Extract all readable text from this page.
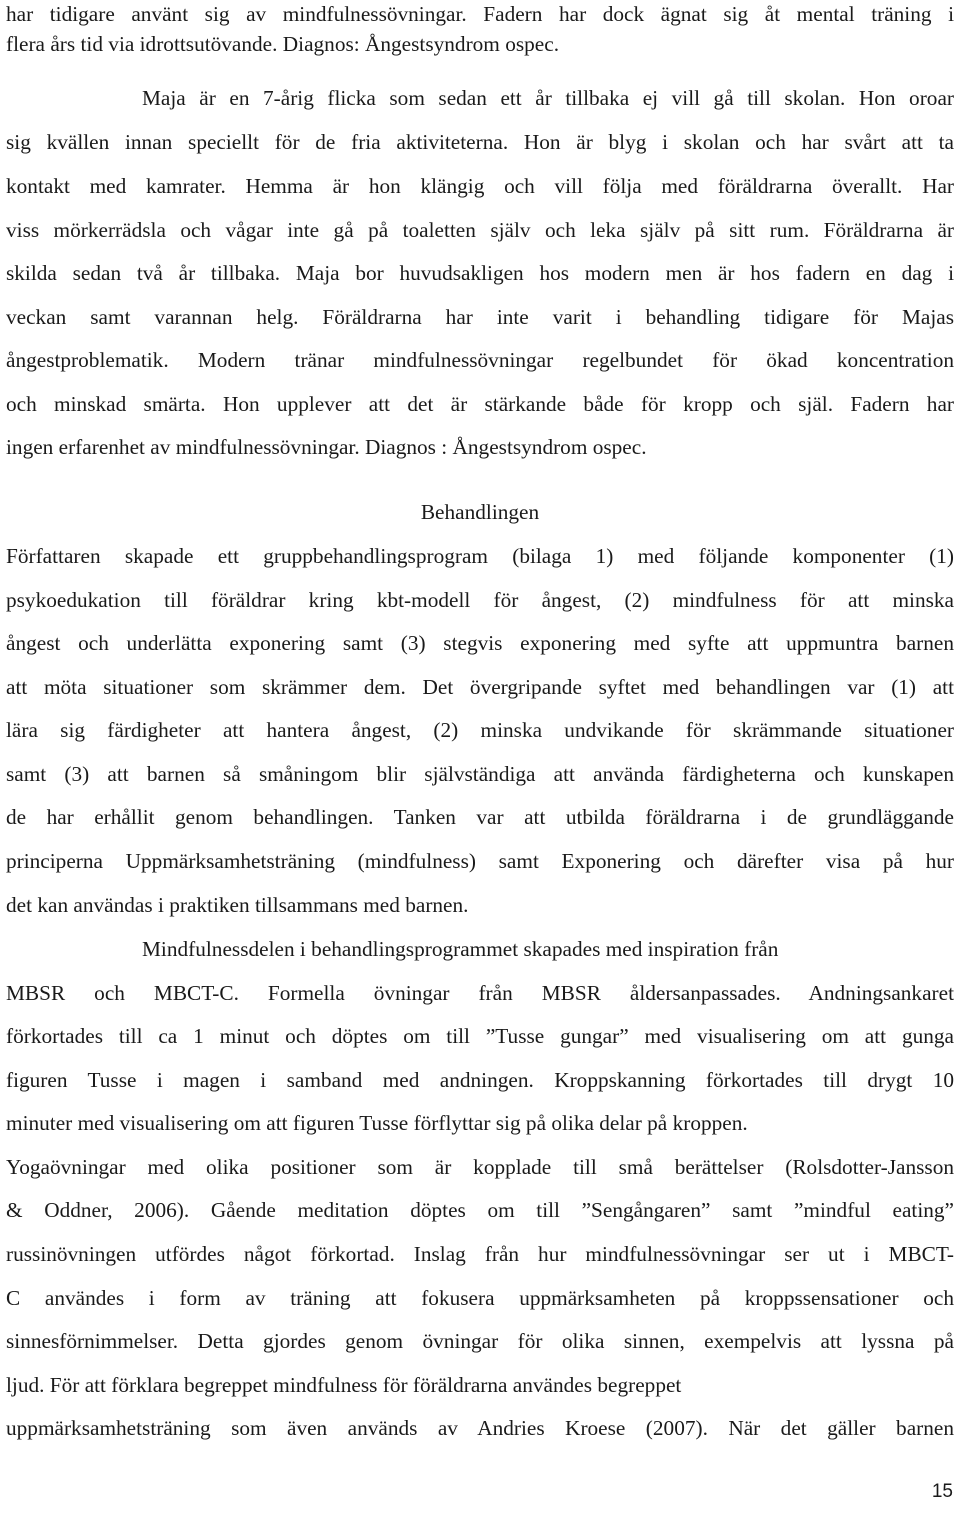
har tidigare använt sig av mindfulnessövningar. Fadern har dock ägnat sig åt mental träning i
flera års tid via idrottsutövande. Diagnos: Ångestsyndrom ospec.
Maja är en 7-årig flicka som sedan ett år tillbaka ej vill gå till skolan. Hon oroar
sig kvällen innan speciellt för de fria aktiviteterna. Hon är blyg i skolan och har svårt att ta
kontakt med kamrater. Hemma är hon klängig och vill följa med föräldrarna överallt. Har
viss mörkerrädsla och vågar inte gå på toaletten själv och leka själv på sitt rum. Föräldrarna är
skilda sedan två år tillbaka. Maja bor huvudsakligen hos modern men är hos fadern en dag i
veckan samt varannan helg. Föräldrarna har inte varit i behandling tidigare för Majas
ångestproblematik. Modern tränar mindfulnessövningar regelbundet för ökad koncentration
och minskad smärta. Hon upplever att det är stärkande både för kropp och själ. Fadern har
ingen erfarenhet av mindfulnessövningar. Diagnos : Ångestsyndrom ospec.
Behandlingen
Författaren skapade ett gruppbehandlingsprogram (bilaga 1) med följande komponenter (1)
psykoedukation till föräldrar kring kbt-modell för ångest, (2) mindfulness för att minska
ångest och underlätta exponering samt (3) stegvis exponering med syfte att uppmuntra barnen
att möta situationer som skrämmer dem. Det övergripande syftet med behandlingen var (1) att
lära sig färdigheter att hantera ångest, (2) minska undvikande för skrämmande situationer
samt (3) att barnen så småningom blir självständiga att använda färdigheterna och kunskapen
de har erhållit genom behandlingen. Tanken var att utbilda föräldrarna i de grundläggande
principerna Uppmärksamhetsträning (mindfulness) samt Exponering och därefter visa på hur
det kan användas i praktiken tillsammans med barnen.
Mindfulnessdelen i behandlingsprogrammet skapades med inspiration från
MBSR och MBCT-C. Formella övningar från MBSR åldersanpassades. Andningsankaret
förkortades till ca 1 minut och döptes om till ”Tusse gungar” med visualisering om att gunga
figuren Tusse i magen i samband med andningen. Kroppskanning förkortades till drygt 10
minuter med visualisering om att figuren Tusse förflyttar sig på olika delar på kroppen.
Yogaövningar med olika positioner som är kopplade till små berättelser (Rolsdotter-Jansson
& Oddner, 2006). Gående meditation döptes om till ”Sengångaren” samt ”mindful eating”
russinövningen utfördes något förkortad. Inslag från hur mindfulnessövningar ser ut i MBCT-
C användes i form av träning att fokusera uppmärksamheten på kroppssensationer och
sinnesförnimmelser. Detta gjordes genom övningar för olika sinnen, exempelvis att lyssna på
ljud. För att förklara begreppet mindfulness för föräldrarna användes begreppet
uppmärksamhetsträning som även används av Andries Kroese (2007). När det gäller barnen
15
